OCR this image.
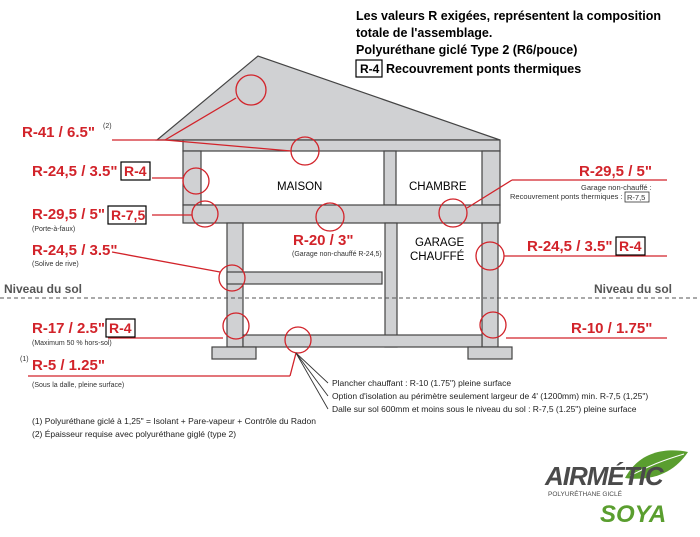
Les valeurs R exigées, représentent la composition
totale de l'assemblage.
Polyuréthane giclé Type 2 (R6/pouce)
R-4 Recouvrement ponts thermiques
MAISON	CHAMBRE
GARAGE
CHAUFFÉ
Niveau du sol	Niveau du sol
R-41 / 6.5" (2)
R-24,5 / 3.5" R-4
R-29,5 / 5" R-7,5
(Porte-à-faux)
R-24,5 / 3.5"
(Solive de rive)
R-20 / 3"
(Garage non-chauffé R-24,5)
R-29,5 / 5"
Garage non-chauffé :
Recouvrement ponts thermiques : R-7,5
R-24,5 / 3.5" R-4
R-17 / 2.5" R-4
(Maximum 50 % hors-sol)
R-10 / 1.75"
(1) R-5 / 1.25"
(Sous la dalle, pleine surface)	Plancher chauffant : R-10 (1.75") pleine surface
Option d'isolation au périmètre seulement largeur de 4' (1200mm) min. R-7,5 (1,25")
Dalle sur sol 600mm et moins sous le niveau du sol : R-7,5 (1.25") pleine surface
(1) Polyuréthane giclé à 1,25" = Isolant + Pare-vapeur + Contrôle du Radon
(2) Épaisseur requise avec polyuréthane giglé (type 2)
AIRMÉTIC
POLYURÉTHANE GICLÉ
SOYA
